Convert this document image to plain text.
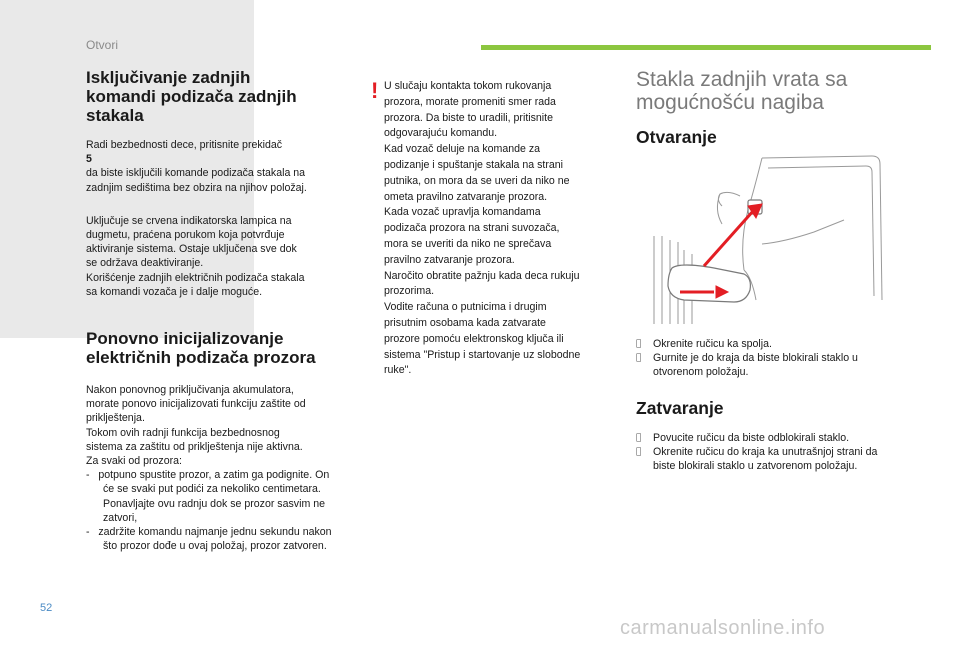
Otvori
Isključivanje zadnjih
komandi podizača zadnjih
stakala

Radi bezbednosti dece, pritisnite prekidač
5
da biste isključili komande podizača stakala na
zadnjim sedištima bez obzira na njihov položaj.

Uključuje se crvena indikatorska lampica na
dugmetu, praćena porukom koja potvrđuje
aktiviranje sistema. Ostaje uključena sve dok
se održava deaktiviranje.
Korišćenje zadnjih električnih podizača stakala
sa komandi vozača je i dalje moguće.

Ponovno inicijalizovanje
električnih podizača prozora

Nakon ponovnog priključivanja akumulatora,
morate ponovo inicijalizovati funkciju zaštite od
priklještenja.
Tokom ovih radnji funkcija bezbednosnog
sistema za zaštitu od priklještenja nije aktivna.
Za svaki od prozora:

-   potpuno spustite prozor, a zatim ga podignite. On će se svaki put podići za nekoliko centimetara. Ponavljajte ovu radnju dok se prozor sasvim ne zatvori,
-   zadržite komandu najmanje jednu sekundu nakon što prozor dođe u ovaj položaj, prozor zatvoren.
! U slučaju kontakta tokom rukovanja
prozora, morate promeniti smer rada
prozora. Da biste to uradili, pritisnite
odgovarajuću komandu.
Kad vozač deluje na komande za
podizanje i spuštanje stakala na strani
putnika, on mora da se uveri da niko ne
ometa pravilno zatvaranje prozora.
Kada vozač upravlja komandama
podizača prozora na strani suvozača,
mora se uveriti da niko ne sprečava
pravilno zatvaranje prozora.
Naročito obratite pažnju kada deca rukuju
prozorima.
Vodite računa o putnicima i drugim
prisutnim osobama kada zatvarate
prozore pomoću elektronskog ključa ili
sistema "Pristup i startovanje uz slobodne
ruke".
Stakla zadnjih vrata sa
mogućnošću nagiba
Otvaranje
Okrenite ručicu ka spolja.
Gurnite je do kraja da biste blokirali staklo u otvorenom položaju.
Zatvaranje
Povucite ručicu da biste odblokirali staklo.
Okrenite ručicu do kraja ka unutrašnjoj strani da biste blokirali staklo u zatvorenom položaju.
52
carmanualsonline.info
